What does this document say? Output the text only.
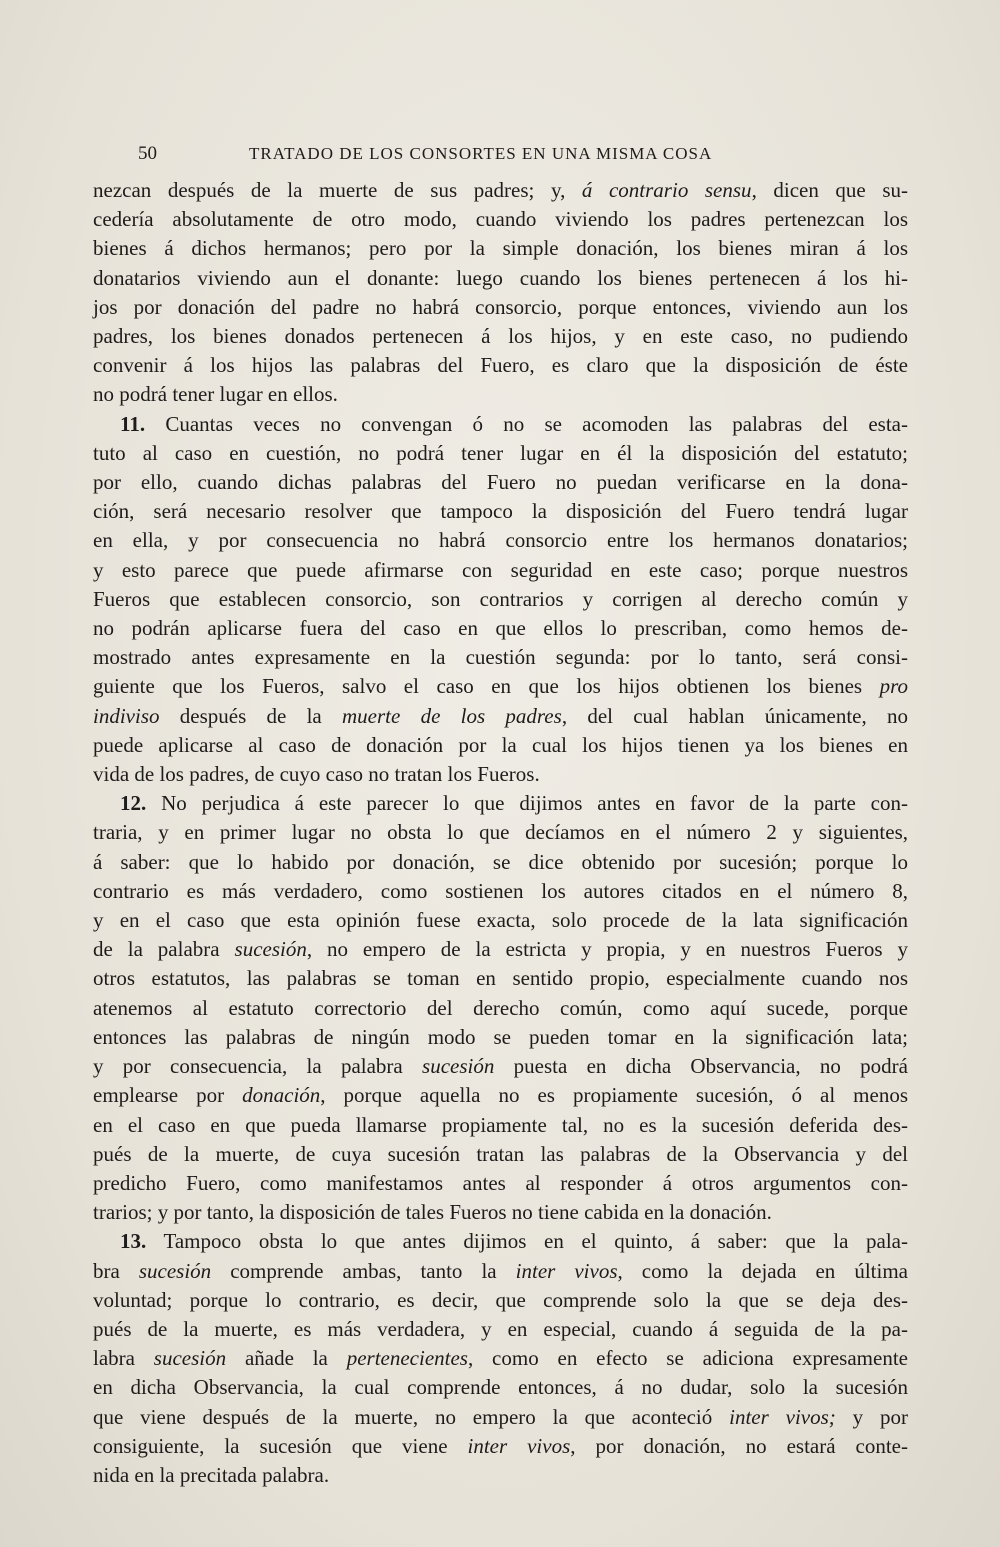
50	TRATADO DE LOS CONSORTES EN UNA MISMA COSA
nezcan después de la muerte de sus padres; y, á contrario sensu, dicen que su-
cedería absolutamente de otro modo, cuando viviendo los padres pertenezcan los
bienes á dichos hermanos; pero por la simple donación, los bienes miran á los
donatarios viviendo aun el donante: luego cuando los bienes pertenecen á los hi-
jos por donación del padre no habrá consorcio, porque entonces, viviendo aun los
padres, los bienes donados pertenecen á los hijos, y en este caso, no pudiendo
convenir á los hijos las palabras del Fuero, es claro que la disposición de éste
no podrá tener lugar en ellos.
11. Cuantas veces no convengan ó no se acomoden las palabras del esta-
tuto al caso en cuestión, no podrá tener lugar en él la disposición del estatuto;
por ello, cuando dichas palabras del Fuero no puedan verificarse en la dona-
ción, será necesario resolver que tampoco la disposición del Fuero tendrá lugar
en ella, y por consecuencia no habrá consorcio entre los hermanos donatarios;
y esto parece que puede afirmarse con seguridad en este caso; porque nuestros
Fueros que establecen consorcio, son contrarios y corrigen al derecho común y
no podrán aplicarse fuera del caso en que ellos lo prescriban, como hemos de-
mostrado antes expresamente en la cuestión segunda: por lo tanto, será consi-
guiente que los Fueros, salvo el caso en que los hijos obtienen los bienes pro
indiviso después de la muerte de los padres, del cual hablan únicamente, no
puede aplicarse al caso de donación por la cual los hijos tienen ya los bienes en
vida de los padres, de cuyo caso no tratan los Fueros.
12. No perjudica á este parecer lo que dijimos antes en favor de la parte con-
traria, y en primer lugar no obsta lo que decíamos en el número 2 y siguientes,
á saber: que lo habido por donación, se dice obtenido por sucesión; porque lo
contrario es más verdadero, como sostienen los autores citados en el número 8,
y en el caso que esta opinión fuese exacta, solo procede de la lata significación
de la palabra sucesión, no empero de la estricta y propia, y en nuestros Fueros y
otros estatutos, las palabras se toman en sentido propio, especialmente cuando nos
atenemos al estatuto correctorio del derecho común, como aquí sucede, porque
entonces las palabras de ningún modo se pueden tomar en la significación lata;
y por consecuencia, la palabra sucesión puesta en dicha Observancia, no podrá
emplearse por donación, porque aquella no es propiamente sucesión, ó al menos
en el caso en que pueda llamarse propiamente tal, no es la sucesión deferida des-
pués de la muerte, de cuya sucesión tratan las palabras de la Observancia y del
predicho Fuero, como manifestamos antes al responder á otros argumentos con-
trarios; y por tanto, la disposición de tales Fueros no tiene cabida en la donación.
13. Tampoco obsta lo que antes dijimos en el quinto, á saber: que la pala-
bra sucesión comprende ambas, tanto la inter vivos, como la dejada en última
voluntad; porque lo contrario, es decir, que comprende solo la que se deja des-
pués de la muerte, es más verdadera, y en especial, cuando á seguida de la pa-
labra sucesión añade la pertenecientes, como en efecto se adiciona expresamente
en dicha Observancia, la cual comprende entonces, á no dudar, solo la sucesión
que viene después de la muerte, no empero la que aconteció inter vivos; y por
consiguiente, la sucesión que viene inter vivos, por donación, no estará conte-
nida en la precitada palabra.
